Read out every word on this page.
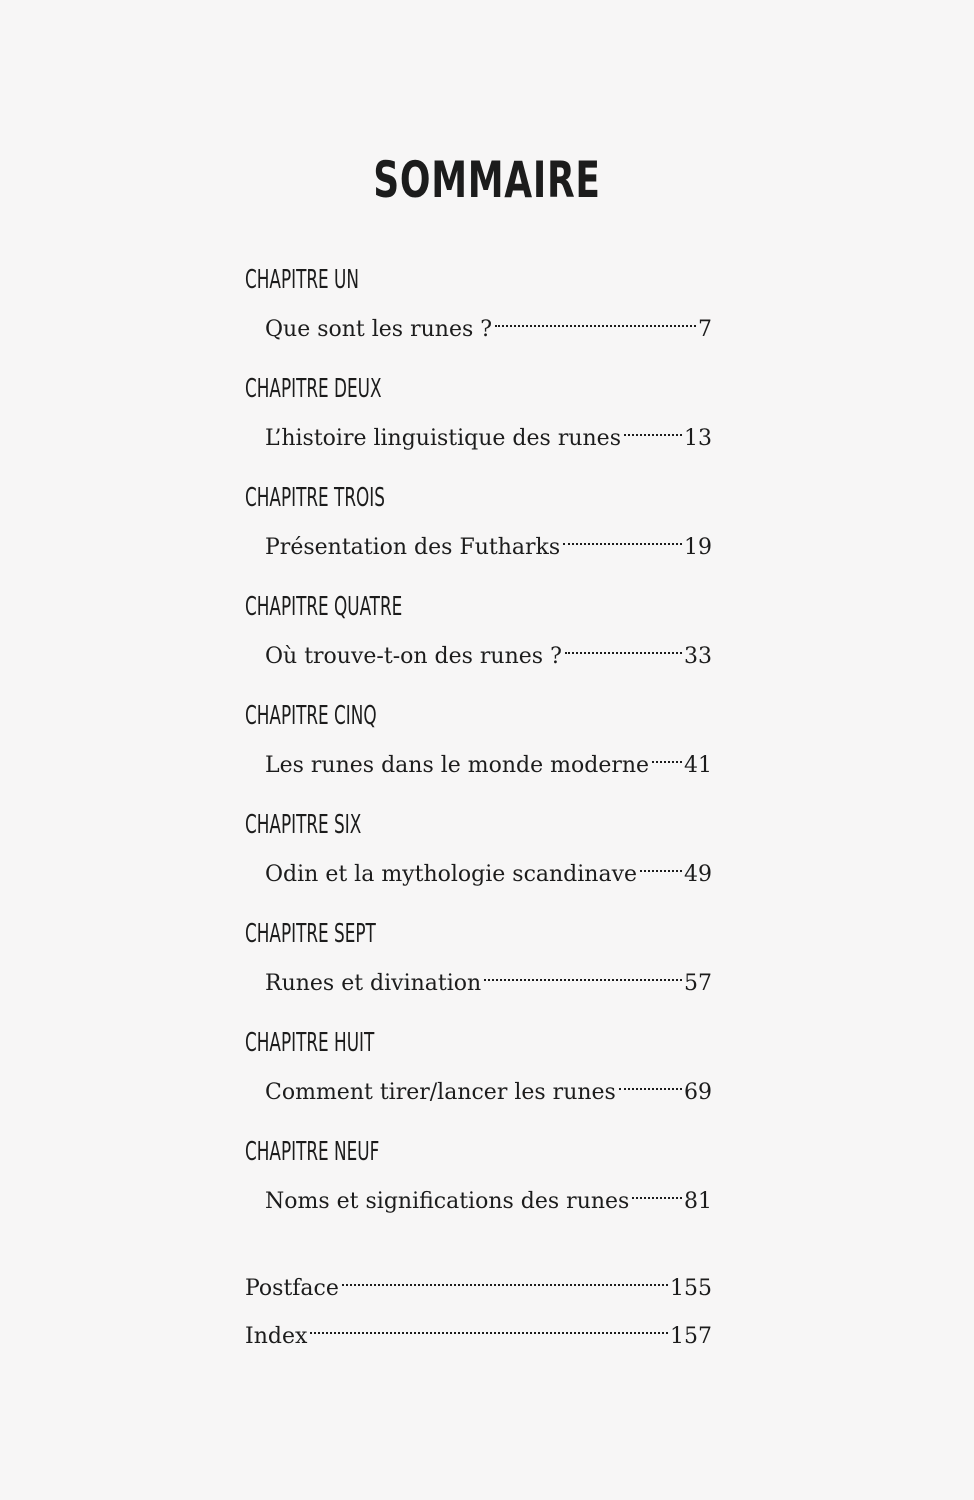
SOMMAIRE
CHAPITRE UN
Que sont les runes ?	7
CHAPITRE DEUX
L’histoire linguistique des runes	13
CHAPITRE TROIS
Présentation des Futharks	19
CHAPITRE QUATRE
Où trouve-t-on des runes ?	33
CHAPITRE CINQ
Les runes dans le monde moderne 41
CHAPITRE SIX
Odin et la mythologie scandinave 49
CHAPITRE SEPT
Runes et divination	57
CHAPITRE HUIT
Comment tirer/lancer les runes	69
CHAPITRE NEUF
Noms et significations des runes 81
Postface	155
Index	157
